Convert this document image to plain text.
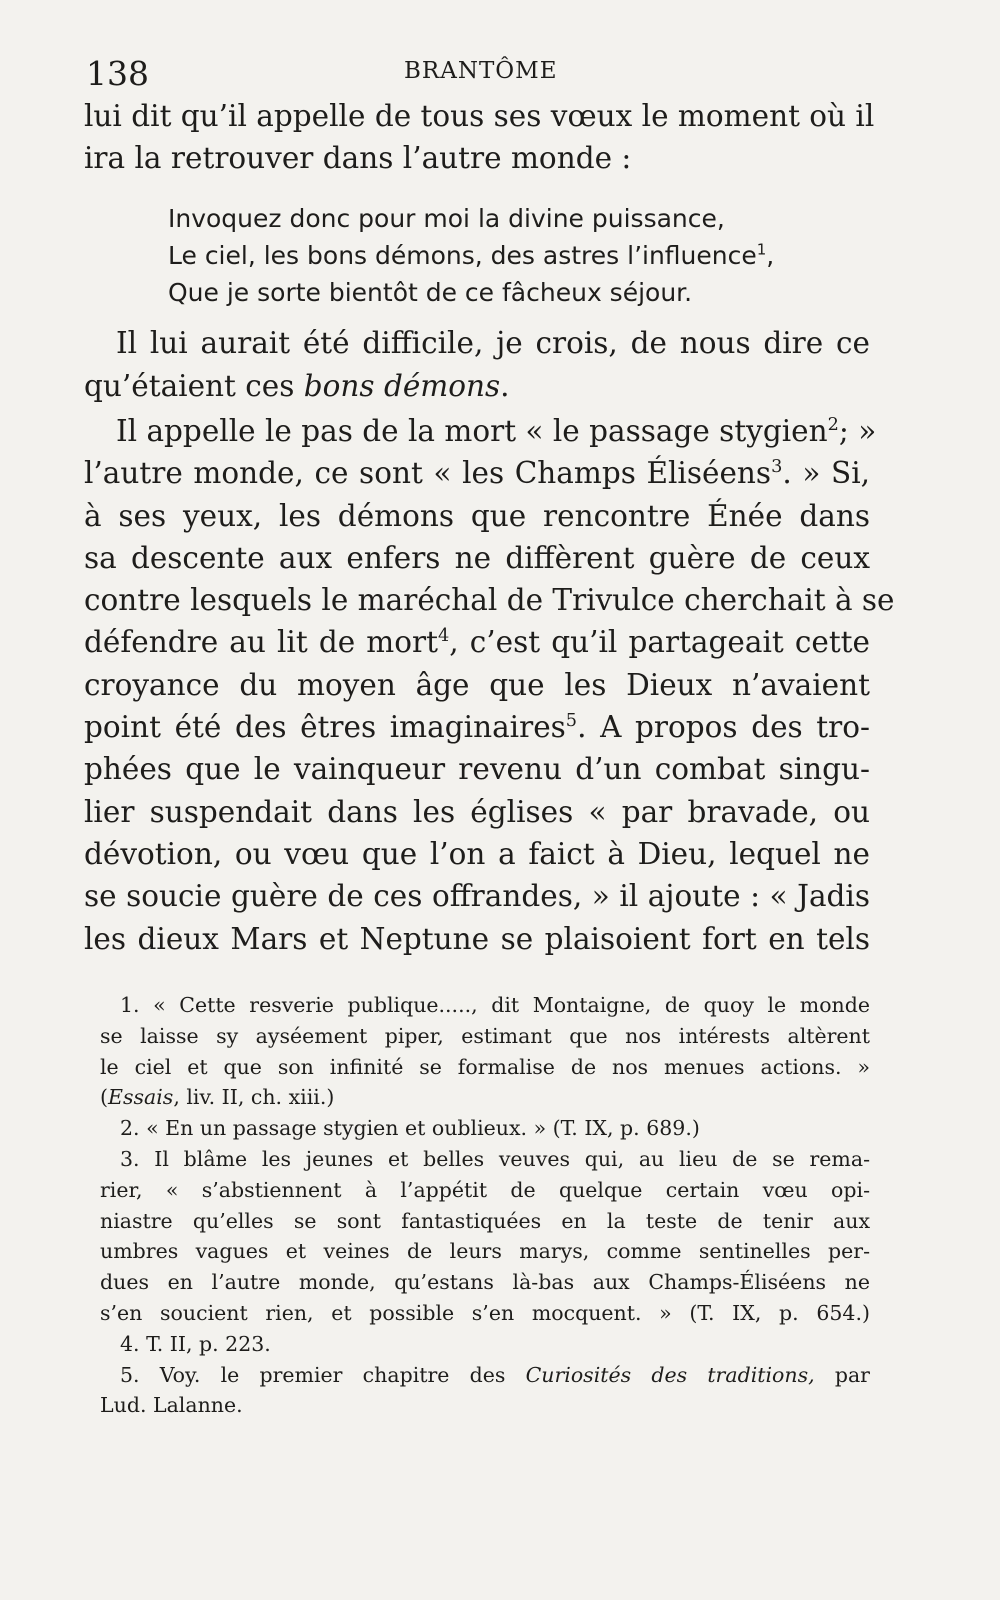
138	BRANTÔME
lui dit qu’il appelle de tous ses vœux le moment où il
ira la retrouver dans l’autre monde :
Invoquez donc pour moi la divine puissance,
Le ciel, les bons démons, des astres l’influence$^1$,
Que je sorte bientôt de ce fâcheux séjour.
Il lui aurait été difficile, je crois, de nous dire ce
qu’étaient ces bons démons.
Il appelle le pas de la mort « le passage stygien$^2$; »
l’autre monde, ce sont « les Champs Éliséens$^3$. » Si,
à ses yeux, les démons que rencontre Énée dans
sa descente aux enfers ne diffèrent guère de ceux
contre lesquels le maréchal de Trivulce cherchait à se
défendre au lit de mort$^4$, c’est qu’il partageait cette
croyance du moyen âge que les Dieux n’avaient
point été des êtres imaginaires$^5$. A propos des tro-
phées que le vainqueur revenu d’un combat singu-
lier suspendait dans les églises « par bravade, ou
dévotion, ou vœu que l’on a faict à Dieu, lequel ne
se soucie guère de ces offrandes, » il ajoute : « Jadis
les dieux Mars et Neptune se plaisoient fort en tels
1. « Cette resverie publique....., dit Montaigne, de quoy le monde
se laisse sy ayséement piper, estimant que nos intérests altèrent
le ciel et que son infinité se formalise de nos menues actions. »
(Essais, liv. II, ch. xiii.)
2. « En un passage stygien et oublieux. » (T. IX, p. 689.)
3. Il blâme les jeunes et belles veuves qui, au lieu de se rema-
rier, « s’abstiennent à l’appétit de quelque certain vœu opi-
niastre qu’elles se sont fantastiquées en la teste de tenir aux
umbres vagues et veines de leurs marys, comme sentinelles per-
dues en l’autre monde, qu’estans là-bas aux Champs-Éliséens ne
s’en soucient rien, et possible s’en mocquent. » (T. IX, p. 654.)
4. T. II, p. 223.
5. Voy. le premier chapitre des Curiosités des traditions, par
Lud. Lalanne.
